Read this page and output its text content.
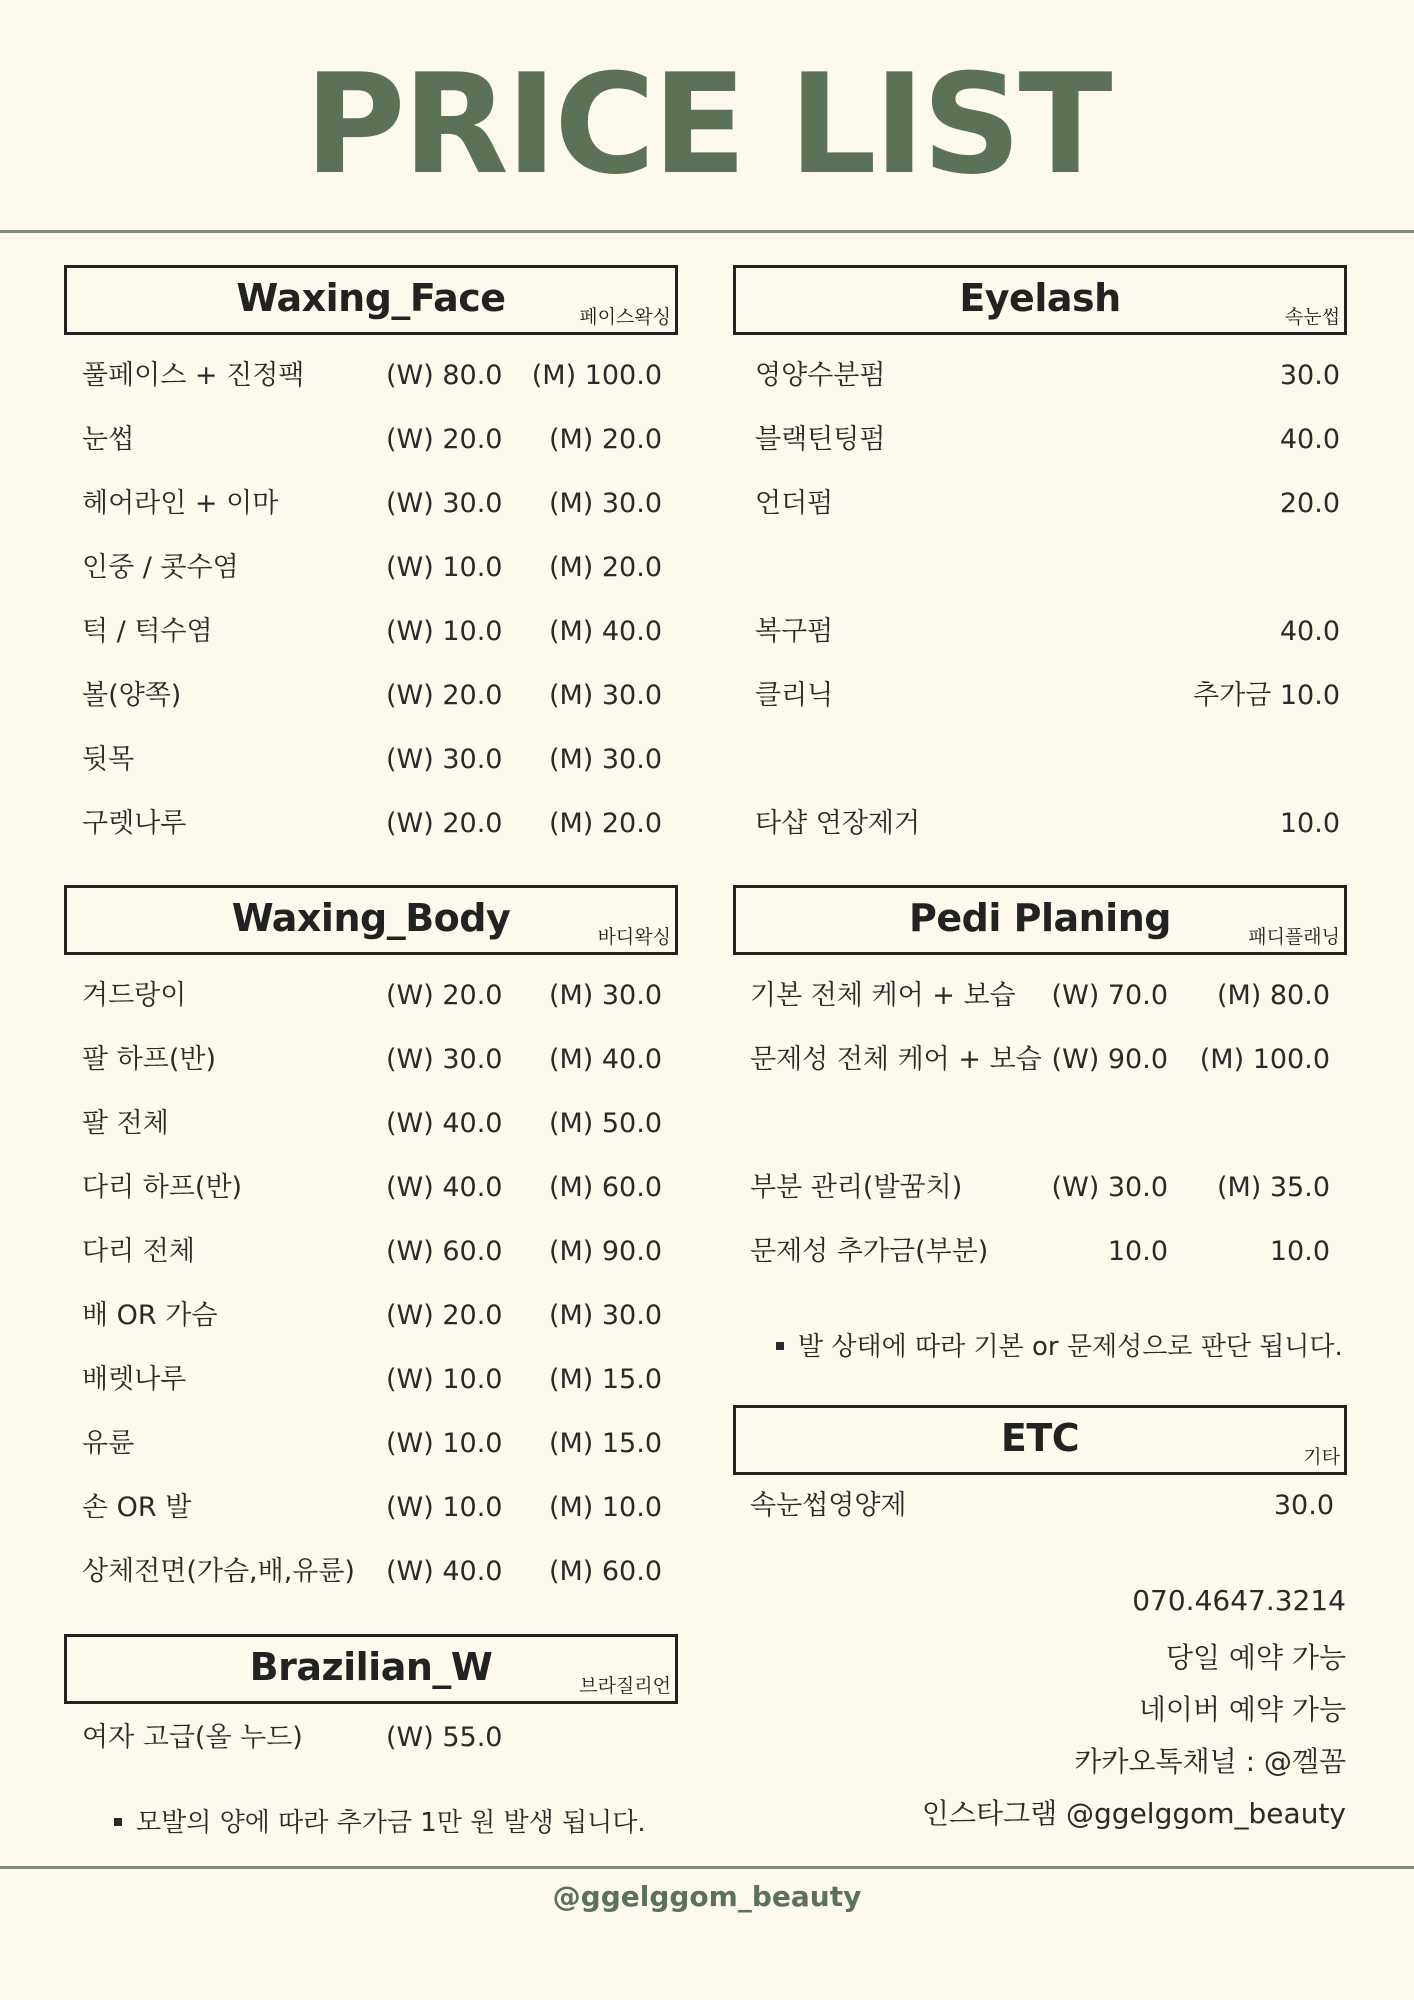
PRICE LIST
Waxing_Face	페이스왁싱
풀페이스 + 진정팩	(W) 80.0 (M) 100.0
눈썹	(W) 20.0 (M) 20.0
헤어라인 + 이마	(W) 30.0 (M) 30.0
인중 / 콧수염	(W) 10.0 (M) 20.0
턱 / 턱수염	(W) 10.0 (M) 40.0
볼(양쪽)	(W) 20.0 (M) 30.0
뒷목	(W) 30.0 (M) 30.0
구렛나루	(W) 20.0 (M) 20.0
Eyelash	속눈썹
영양수분펌	30.0
블랙틴팅펌	40.0
언더펌	20.0
복구펌	40.0
클리닉	추가금 10.0
타샵 연장제거	10.0
Waxing_Body	바디왁싱
겨드랑이	(W) 20.0 (M) 30.0
팔 하프(반)	(W) 30.0 (M) 40.0
팔 전체	(W) 40.0 (M) 50.0
다리 하프(반)	(W) 40.0 (M) 60.0
다리 전체	(W) 60.0 (M) 90.0
배 OR 가슴	(W) 20.0 (M) 30.0
배렛나루	(W) 10.0 (M) 15.0
유륜	(W) 10.0 (M) 15.0
손 OR 발	(W) 10.0 (M) 10.0
상체전면(가슴,배,유륜) (W) 40.0 (M) 60.0
Pedi Planing	패디플래닝
기본 전체 케어 + 보습 (W) 70.0 (M) 80.0
문제성 전체 케어 + 보습 (W) 90.0 (M) 100.0
부분 관리(발꿈치)	(W) 30.0 (M) 35.0
문제성 추가금(부분)	10.0	10.0
발 상태에 따라 기본 or 문제성으로 판단 됩니다.
ETC	기타
속눈썹영양제	30.0
070.4647.3214
당일 예약 가능
네이버 예약 가능
카카오톡채널 : @껠꼼
인스타그램 @ggelggom_beauty
Brazilian_W	브라질리언
여자 고급(올 누드)	(W) 55.0
모발의 양에 따라 추가금 1만 원 발생 됩니다.
@ggelggom_beauty
